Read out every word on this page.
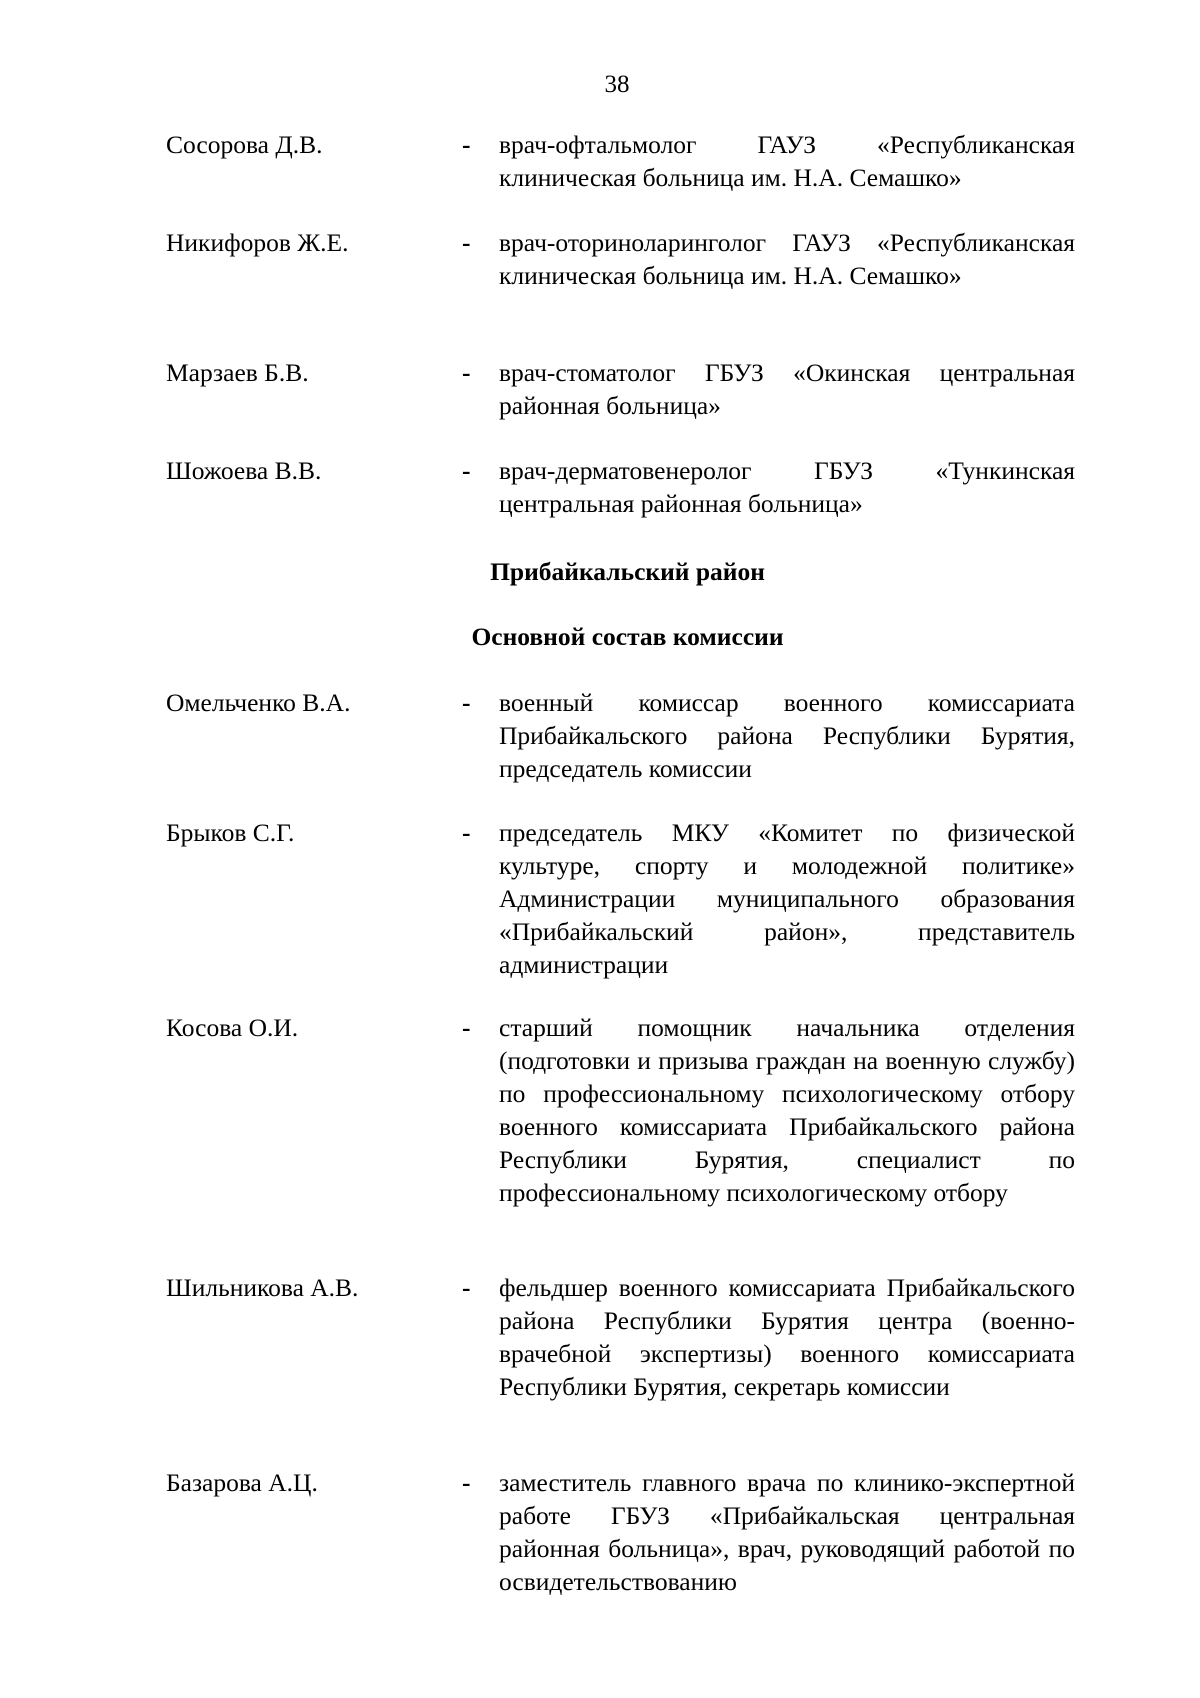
38
Сосорова Д.В.	- врач-офтальмолог ГАУЗ «Республиканская клиническая больница им. Н.А. Семашко»
Никифоров Ж.Е.	- врач-оториноларинголог ГАУЗ «Республиканская клиническая больница им. Н.А. Семашко»
Марзаев Б.В.	- врач-стоматолог ГБУЗ «Окинская центральная районная больница»
Шожоева В.В.	- врач-дерматовенеролог ГБУЗ «Тункинская центральная районная больница»
Прибайкальский район
Основной состав комиссии
Омельченко В.А.	- военный комиссар военного комиссариата Прибайкальского района Республики Бурятия, председатель комиссии
Брыков С.Г.	- председатель МКУ «Комитет по физической культуре, спорту и молодежной политике» Администрации муниципального образования «Прибайкальский район», представитель администрации
Косова О.И.	- старший помощник начальника отделения (подготовки и призыва граждан на военную службу) по профессиональному психологическому отбору военного комиссариата Прибайкальского района Республики Бурятия, специалист по профессиональному психологическому отбору
Шильникова А.В.	- фельдшер военного комиссариата Прибайкальского района Республики Бурятия центра (военно-врачебной экспертизы) военного комиссариата Республики Бурятия, секретарь комиссии
Базарова А.Ц.	- заместитель главного врача по клинико-экспертной работе ГБУЗ «Прибайкальская центральная районная больница», врач, руководящий работой по освидетельствованию
